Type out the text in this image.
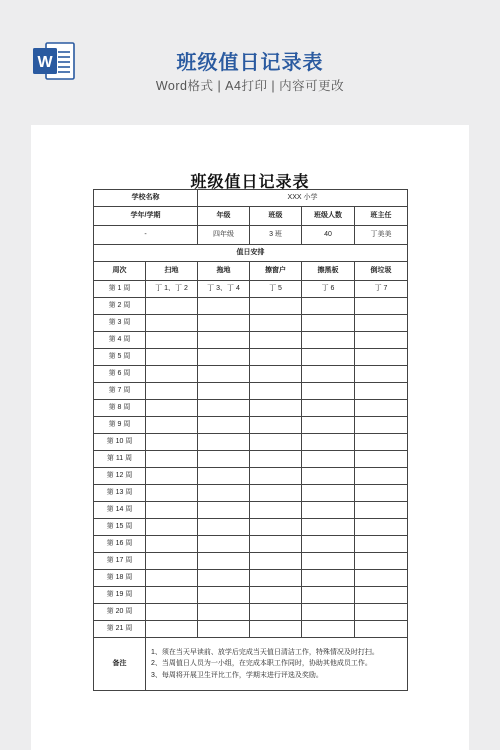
W	班级值日记录表
Word格式 | A4打印 | 内容可更改
班级值日记录表
学校名称		XXX 小学			
学年/学期		年级	班级	班级人数	班主任
-		四年级	3 班	40	丁美美
值日安排					
周次	扫地	拖地	擦窗户	擦黑板	倒垃圾
第 1 周	丁 1、丁 2	丁 3、丁 4	丁 5	丁 6	丁 7
第 2 周					
第 3 周					
第 4 周					
第 5 周					
第 6 周					
第 7 周					
第 8 周					
第 9 周					
第 10 周					
第 11 周					
第 12 周					
第 13 周					
第 14 周					
第 15 周					
第 16 周					
第 17 周					
第 18 周					
第 19 周					
第 20 周					
第 21 周					
备注	1、须在当天早读前、放学后完成当天值日清洁工作，特殊情况及时打扫。
2、当周值日人员为一小组，在完成本职工作同时，协助其他成员工作。
3、每周将开展卫生评比工作，学期末进行评选及奖励。				
